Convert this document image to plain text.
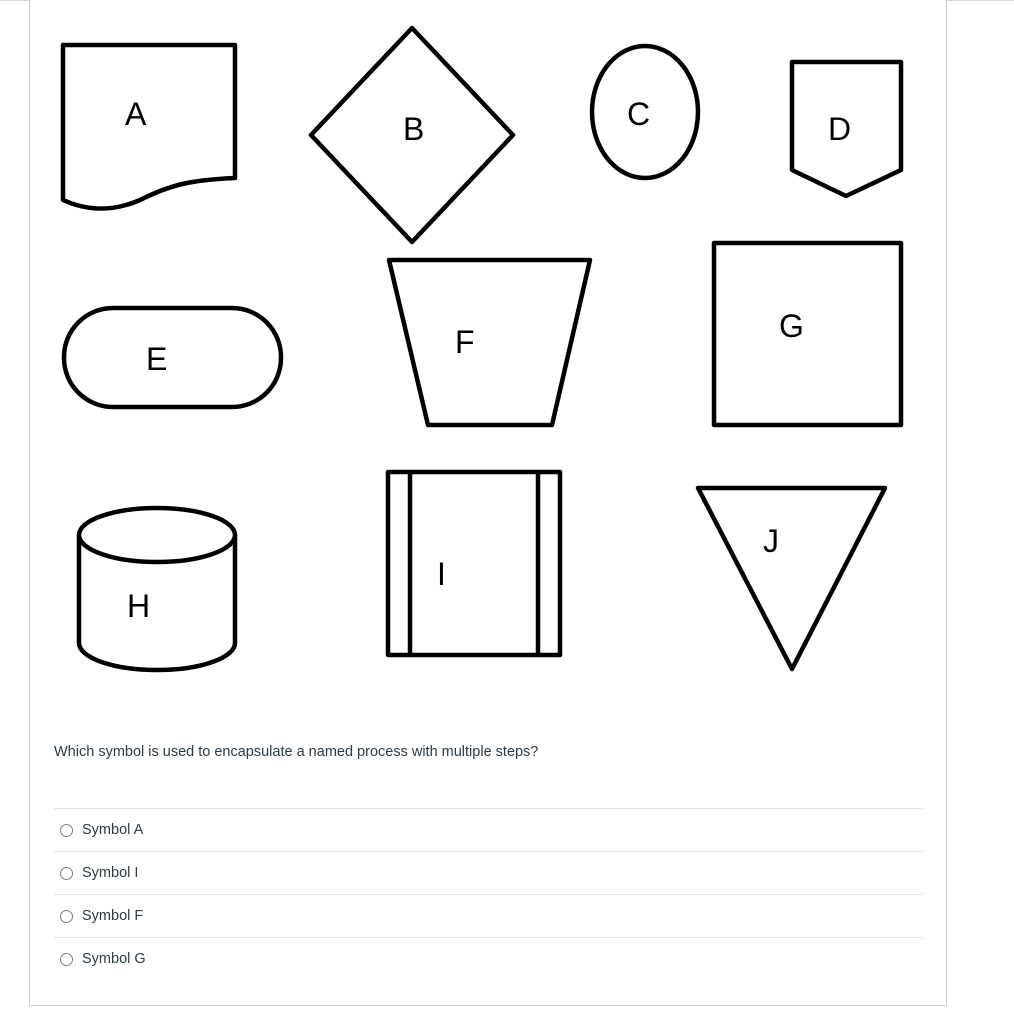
A	B	C	D
E	F	G
H
I
J
Which symbol is used to encapsulate a named process with multiple steps?
Symbol A
Symbol I
Symbol F
Symbol G
